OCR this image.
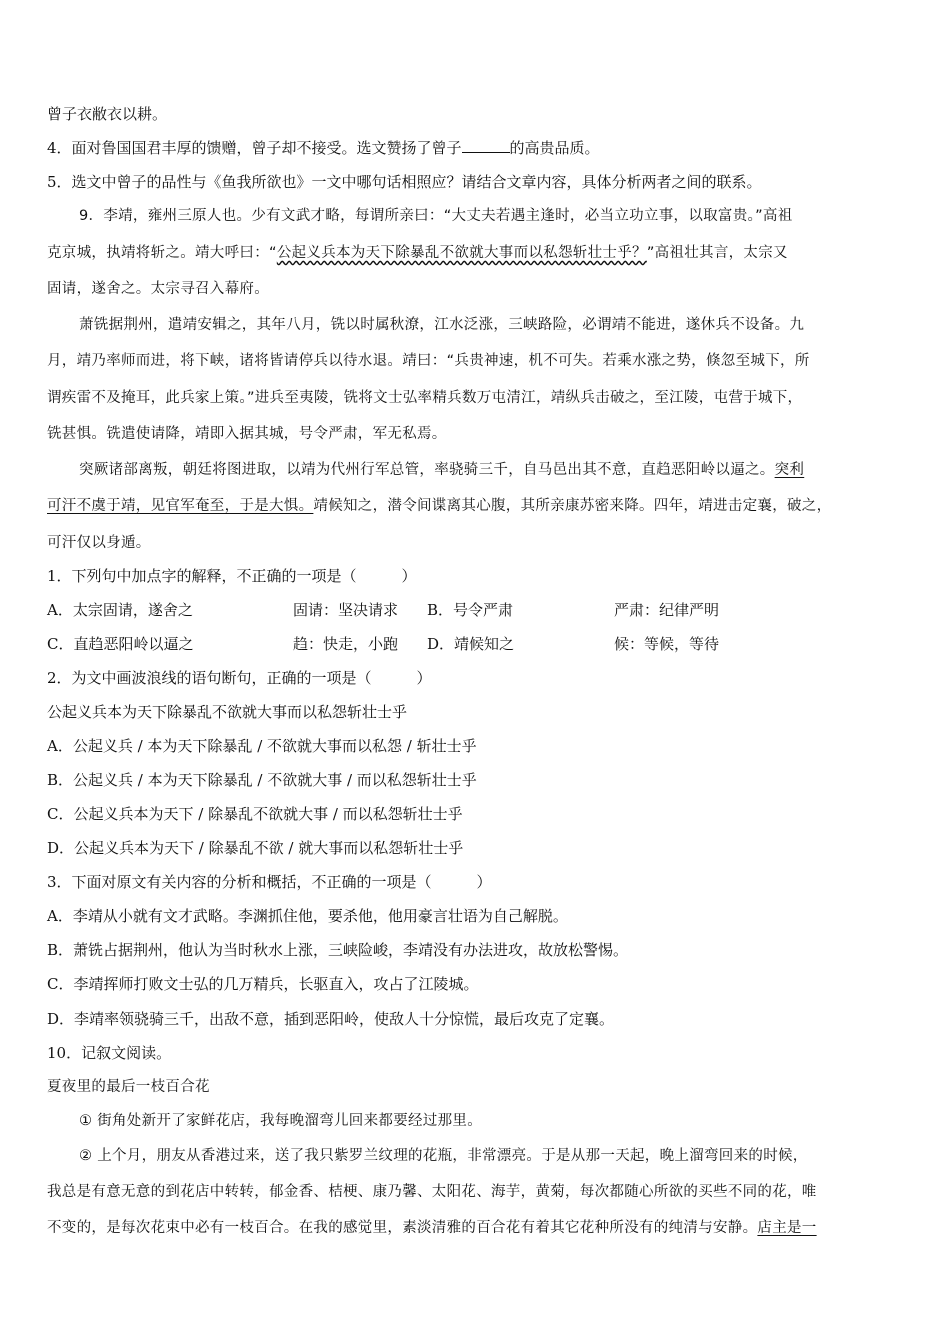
曾子衣敝衣以耕。
4．面对鲁国国君丰厚的馈赠，曾子却不接受。选文赞扬了曾子	的高贵品质。
5．选文中曾子的品性与《鱼我所欲也》一文中哪句话相照应？请结合文章内容，具体分析两者之间的联系。
9．李靖，雍州三原人也。少有文武才略，每谓所亲曰：“大丈夫若遇主逢时，必当立功立事，以取富贵。”高祖
克京城，执靖将斩之。靖大呼曰：“公起义兵本为天下除暴乱不欲就大事而以私怨斩壮士乎？”高祖壮其言，太宗又
固请，遂舍之。太宗寻召入幕府。
萧铣据荆州，遣靖安辑之，其年八月，铣以时属秋潦，江水泛涨，三峡路险，必谓靖不能进，遂休兵不设备。九
月，靖乃率师而进，将下峡，诸将皆请停兵以待水退。靖曰：“兵贵神速，机不可失。若乘水涨之势，倏忽至城下，所
谓疾雷不及掩耳，此兵家上策。”进兵至夷陵，铣将文士弘率精兵数万屯清江，靖纵兵击破之，至江陵，屯营于城下，
铣甚惧。铣遣使请降，靖即入据其城，号令严肃，军无私焉。
突厥诸部离叛，朝廷将图进取，以靖为代州行军总管，率骁骑三千，自马邑出其不意，直趋恶阳岭以逼之。突利
可汗不虞于靖，见官军奄至，于是大惧。靖候知之，潜令间谍离其心腹，其所亲康苏密来降。四年，靖进击定襄，破之，
可汗仅以身遁。
1．下列句中加点字的解释，不正确的一项是（　　　）
A．太宗固请，遂舍之	固请：坚决请求 B．号令严肃	严肃：纪律严明
C．直趋恶阳岭以逼之	趋：快走，小跑 D．靖候知之	候：等候，等待
2．为文中画波浪线的语句断句，正确的一项是（　　　）
公起义兵本为天下除暴乱不欲就大事而以私怨斩壮士乎
A．公起义兵 / 本为天下除暴乱 / 不欲就大事而以私怨 / 斩壮士乎
B．公起义兵 / 本为天下除暴乱 / 不欲就大事 / 而以私怨斩壮士乎
C．公起义兵本为天下 / 除暴乱不欲就大事 / 而以私怨斩壮士乎
D．公起义兵本为天下 / 除暴乱不欲 / 就大事而以私怨斩壮士乎
3．下面对原文有关内容的分析和概括，不正确的一项是（　　　）
A．李靖从小就有文才武略。李渊抓住他，要杀他，他用豪言壮语为自己解脱。
B．萧铣占据荆州，他认为当时秋水上涨，三峡险峻，李靖没有办法进攻，故放松警惕。
C．李靖挥师打败文士弘的几万精兵，长驱直入，攻占了江陵城。
D．李靖率领骁骑三千，出敌不意，插到恶阳岭，使敌人十分惊慌，最后攻克了定襄。
10．记叙文阅读。
夏夜里的最后一枝百合花
① 街角处新开了家鲜花店，我每晚溜弯儿回来都要经过那里。
② 上个月，朋友从香港过来，送了我只紫罗兰纹理的花瓶，非常漂亮。于是从那一天起，晚上溜弯回来的时候，
我总是有意无意的到花店中转转，郁金香、桔梗、康乃馨、太阳花、海芋，黄菊，每次都随心所欲的买些不同的花，唯
不变的，是每次花束中必有一枝百合。在我的感觉里，素淡清雅的百合花有着其它花种所没有的纯清与安静。店主是一
